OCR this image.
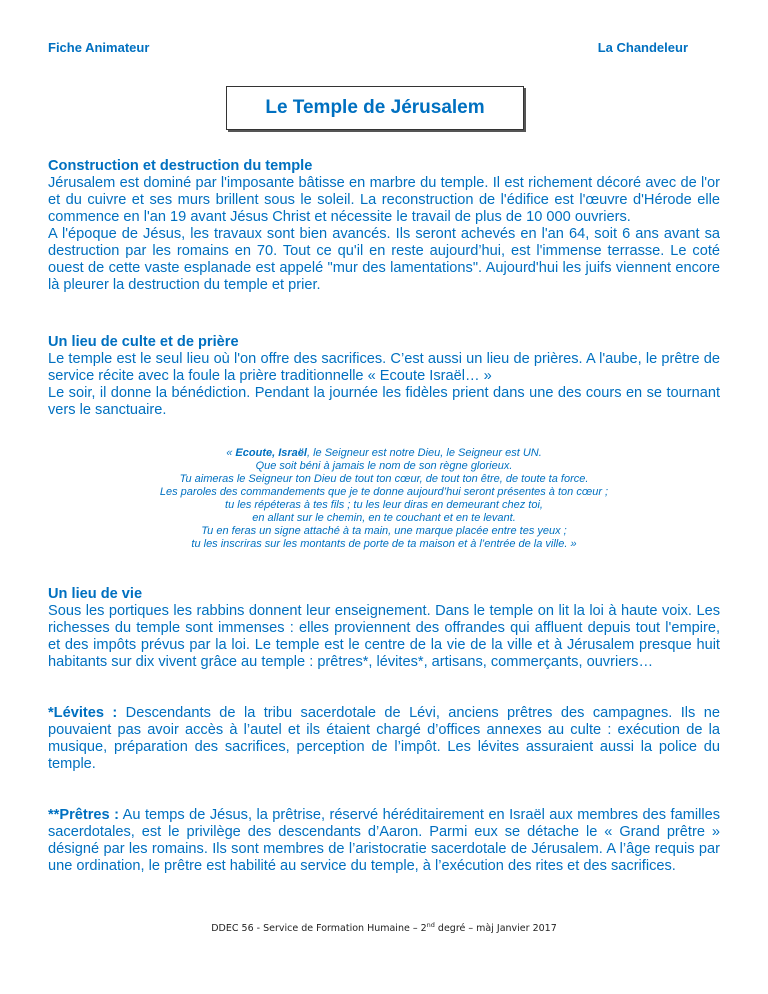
Fiche Animateur	La Chandeleur
Le Temple de Jérusalem
Construction et destruction du temple

Jérusalem est dominé par l'imposante bâtisse en marbre du temple. Il est richement décoré avec de l'or et du cuivre et ses murs brillent sous le soleil. La reconstruction de l'édifice est l'œuvre d'Hérode elle commence en l'an 19 avant Jésus Christ et nécessite le travail de plus de 10 000 ouvriers.

A l'époque de Jésus, les travaux sont bien avancés. Ils seront achevés en l'an 64, soit 6 ans avant sa destruction par les romains en 70. Tout ce qu'il en reste aujourd’hui, est l'immense terrasse. Le coté ouest de cette vaste esplanade est appelé "mur des lamentations". Aujourd'hui les juifs viennent encore là pleurer la destruction du temple et prier.

Un lieu de culte et de prière

Le temple est le seul lieu où l'on offre des sacrifices. C’est aussi un lieu de prières. A l'aube, le prêtre de service récite avec la foule la prière traditionnelle « Ecoute Israël… »

Le soir, il donne la bénédiction. Pendant la journée les fidèles prient dans une des cours en se tournant vers le sanctuaire.

« Ecoute, Israël, le Seigneur est notre Dieu, le Seigneur est UN.
Que soit béni à jamais le nom de son règne glorieux.
Tu aimeras le Seigneur ton Dieu de tout ton cœur, de tout ton être, de toute ta force.
Les paroles des commandements que je te donne aujourd’hui seront présentes à ton cœur ;
tu les répéteras à tes fils ; tu les leur diras en demeurant chez toi,
en allant sur le chemin, en te couchant et en te levant.
Tu en feras un signe attaché à ta main, une marque placée entre tes yeux ;
tu les inscriras sur les montants de porte de ta maison et à l’entrée de la ville. »
Un lieu de vie

Sous les portiques les rabbins donnent leur enseignement. Dans le temple on lit la loi à haute voix. Les richesses du temple sont immenses : elles proviennent des offrandes qui affluent depuis tout l'empire, et des impôts prévus par la loi. Le temple est le centre de la vie de la ville et à Jérusalem presque huit habitants sur dix vivent grâce au temple : prêtres*, lévites*, artisans, commerçants, ouvriers…

*Lévites : Descendants de la tribu sacerdotale de Lévi, anciens prêtres des campagnes. Ils ne pouvaient pas avoir accès à l’autel et ils étaient chargé d’offices annexes au culte : exécution de la musique, préparation des sacrifices, perception de l’impôt. Les lévites assuraient aussi la police du temple.

**Prêtres : Au temps de Jésus, la prêtrise, réservé héréditairement en Israël aux membres des familles sacerdotales, est le privilège des descendants d’Aaron. Parmi eux se détache le « Grand prêtre » désigné par les romains. Ils sont membres de l’aristocratie sacerdotale de Jérusalem. A l’âge requis par une ordination, le prêtre est habilité au service du temple, à l’exécution des rites et des sacrifices.

DDEC 56 - Service de Formation Humaine – 2nd degré – màj Janvier 2017
